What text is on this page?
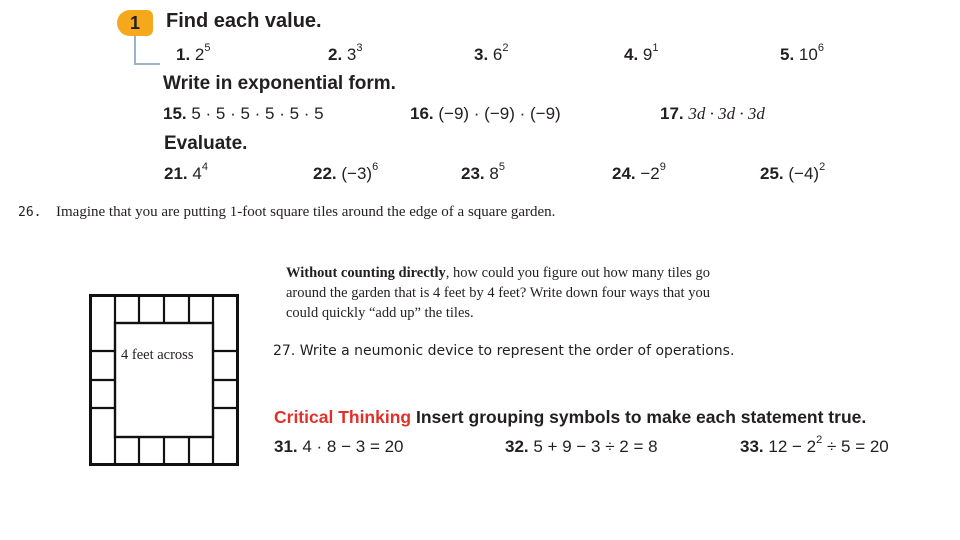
1	Find each value.
1. $2^5$	2. $3^3$	3. $6^2$	4. $9^1$	5. $10^6$
Write in exponential form.
15. 5 · 5 · 5 · 5 · 5 · 5	16. (−9) · (−9) · (−9)	17. 3d · 3d · 3d
Evaluate.
21. $4^4$	22. $(-3)^6$	23. $8^5$	24. $-2^9$	25. $(-4)^2$
26. Imagine that you are putting 1-foot square tiles around the edge of a square garden.
Without counting directly, how could you figure out how many tiles go
around the garden that is 4 feet by 4 feet? Write down four ways that you
could quickly “add up” the tiles.
4 feet across	27. Write a neumonic device to represent the order of operations.
Critical Thinking Insert grouping symbols to make each statement true.
31. 4 · 8 − 3 = 20	32. 5 + 9 − 3 ÷ 2 = 8	33. $12 - 2^2 \div 5 = 20$
